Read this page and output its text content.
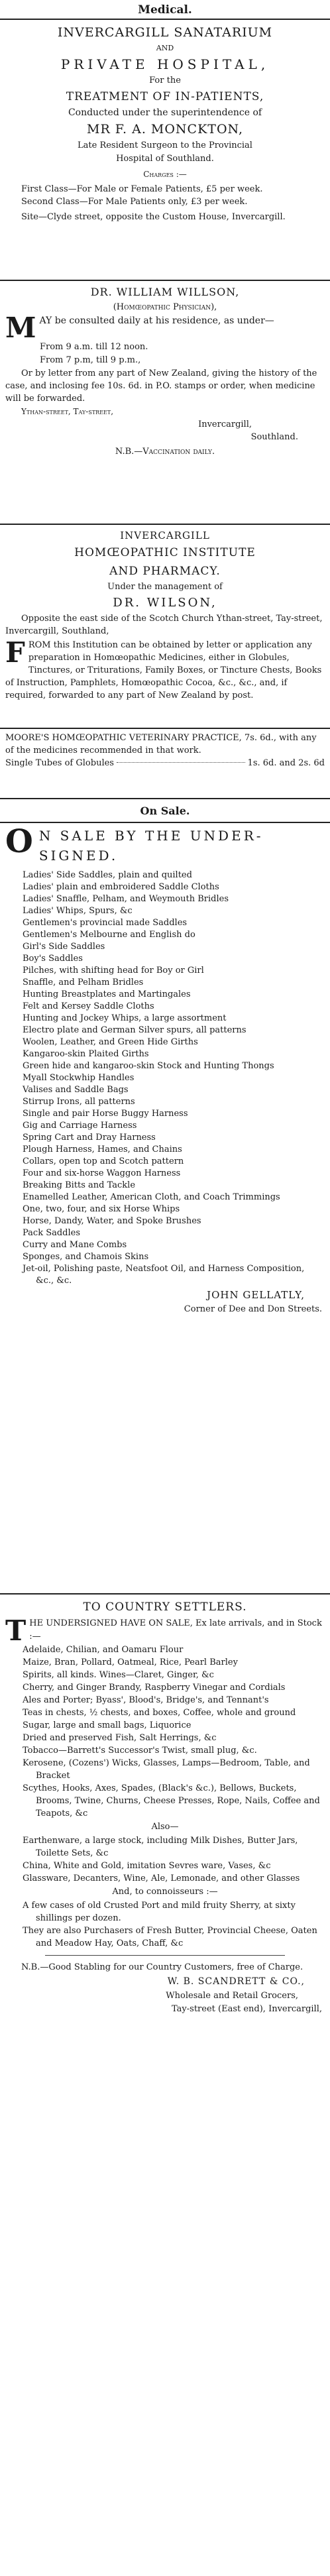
Medical.
INVERCARGILL SANATARIUM
AND
PRIVATE HOSPITAL,
For the
TREATMENT OF IN-PATIENTS,
Conducted under the superintendence of
MR F. A. MONCKTON,
Late Resident Surgeon to the Provincial
Hospital of Southland.
Charges :—

First Class—For Male or Female Patients, £5 per week.

Second Class—For Male Patients only, £3 per week.

Site—Clyde street, opposite the Custom House, Invercargill.

DR. WILLIAM WILLSON,
(Homœopathic Physician),

M AY be consulted daily at his residence, as under—

From 9 a.m. till 12 noon.
From 7 p.m, till 9 p.m.,

Or by letter from any part of New Zealand, giving the history of the case, and inclosing fee 10s. 6d. in P.O. stamps or order, when medicine will be forwarded.

Ythan-street, Tay-street,
Invercargill,
Southland.
N.B.—Vaccination daily.
INVERCARGILL
HOMŒOPATHIC INSTITUTE
AND PHARMACY.
Under the management of
DR. WILSON,

Opposite the east side of the Scotch Church Ythan-street, Tay-street, Invercargill, Southland,

F ROM this Institution can be obtained by letter or application any preparation in Homœopathic Medicines, either in Globules, Tinctures, or Triturations, Family Boxes, or Tincture Chests, Books of Instruction, Pamphlets, Homœopathic Cocoa, &c., &c., and, if required, forwarded to any part of New Zealand by post.

MOORE'S HOMŒOPATHIC VETERINARY PRACTICE, 7s. 6d., with any of the medicines recommended in that work.

Single Tubes of Globules	1s. 6d. and 2s. 6d
On Sale.
O N SALE BY THE UNDER-
SIGNED.

Ladies' Side Saddles, plain and quilted

Ladies' plain and embroidered Saddle Cloths

Ladies' Snaffle, Pelham, and Weymouth Bridles

Ladies' Whips, Spurs, &c

Gentlemen's provincial made Saddles

Gentlemen's Melbourne and English do

Girl's Side Saddles

Boy's Saddles

Pilches, with shifting head for Boy or Girl

Snaffle, and Pelham Bridles

Hunting Breastplates and Martingales

Felt and Kersey Saddle Cloths

Hunting and Jockey Whips, a large assortment

Electro plate and German Silver spurs, all patterns

Woolen, Leather, and Green Hide Girths

Kangaroo-skin Plaited Girths

Green hide and kangaroo-skin Stock and Hunting Thongs

Myall Stockwhip Handles

Valises and Saddle Bags

Stirrup Irons, all patterns

Single and pair Horse Buggy Harness

Gig and Carriage Harness

Spring Cart and Dray Harness

Plough Harness, Hames, and Chains

Collars, open top and Scotch pattern

Four and six-horse Waggon Harness

Breaking Bitts and Tackle

Enamelled Leather, American Cloth, and Coach Trimmings

One, two, four, and six Horse Whips

Horse, Dandy, Water, and Spoke Brushes

Pack Saddles

Curry and Mane Combs

Sponges, and Chamois Skins

Jet-oil, Polishing paste, Neatsfoot Oil, and Harness Composition, &c., &c.

JOHN GELLATLY,
Corner of Dee and Don Streets.
TO COUNTRY SETTLERS.

T HE UNDERSIGNED HAVE ON SALE, Ex late arrivals, and in Stock :—

Adelaide, Chilian, and Oamaru Flour

Maize, Bran, Pollard, Oatmeal, Rice, Pearl Barley

Spirits, all kinds. Wines—Claret, Ginger, &c

Cherry, and Ginger Brandy, Raspberry Vinegar and Cordials

Ales and Porter; Byass', Blood's, Bridge's, and Tennant's

Teas in chests, ½ chests, and boxes, Coffee, whole and ground

Sugar, large and small bags, Liquorice

Dried and preserved Fish, Salt Herrings, &c

Tobacco—Barrett's Successor's Twist, small plug, &c.

Kerosene, (Cozens') Wicks, Glasses, Lamps—Bedroom, Table, and Bracket

Scythes, Hooks, Axes, Spades, (Black's &c.), Bellows, Buckets, Brooms, Twine, Churns, Cheese Presses, Rope, Nails, Coffee and Teapots, &c

Also—

Earthenware, a large stock, including Milk Dishes, Butter Jars, Toilette Sets, &c

China, White and Gold, imitation Sevres ware, Vases, &c

Glassware, Decanters, Wine, Ale, Lemonade, and other Glasses

And, to connoisseurs :—

A few cases of old Crusted Port and mild fruity Sherry, at sixty shillings per dozen.

They are also Purchasers of Fresh Butter, Provincial Cheese, Oaten and Meadow Hay, Oats, Chaff, &c

N.B.—Good Stabling for our Country Customers, free of Charge.

W. B. SCANDRETT & CO.,
Wholesale and Retail Grocers,
Tay-street (East end), Invercargill,
